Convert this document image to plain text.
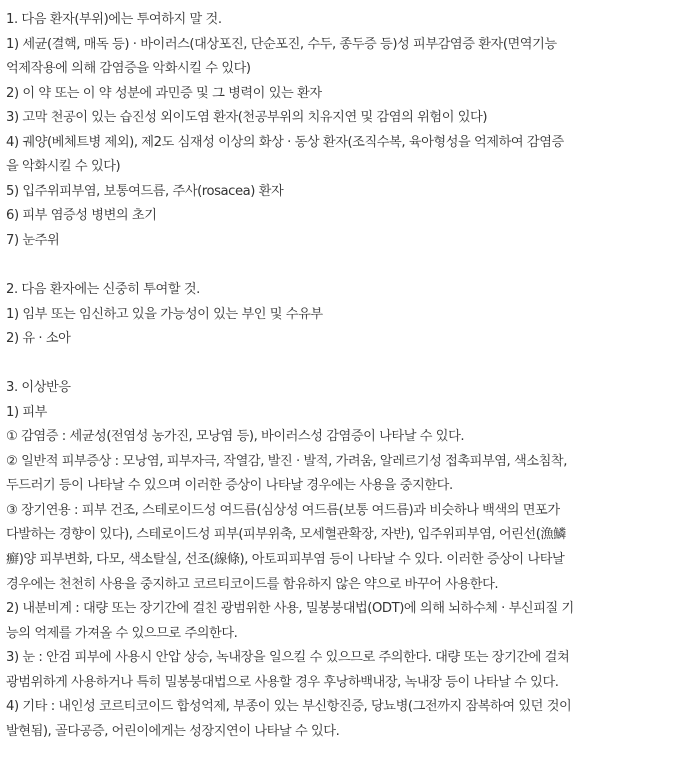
1. 다음 환자(부위)에는 투여하지 말 것.
1) 세균(결핵, 매독 등) · 바이러스(대상포진, 단순포진, 수두, 종두증 등)성 피부감염증 환자(면역기능
억제작용에 의해 감염증을 악화시킬 수 있다)
2) 이 약 또는 이 약 성분에 과민증 및 그 병력이 있는 환자
3) 고막 천공이 있는 습진성 외이도염 환자(천공부위의 치유지연 및 감염의 위험이 있다)
4) 궤양(베체트병 제외), 제2도 심재성 이상의 화상 · 동상 환자(조직수복, 육아형성을 억제하여 감염증
을 악화시킬 수 있다)
5) 입주위피부염, 보통여드름, 주사(rosacea) 환자
6) 피부 염증성 병변의 초기
7) 눈주위
2. 다음 환자에는 신중히 투여할 것.
1) 임부 또는 임신하고 있을 가능성이 있는 부인 및 수유부
2) 유 · 소아
3. 이상반응
1) 피부
① 감염증 : 세균성(전염성 농가진, 모낭염 등), 바이러스성 감염증이 나타날 수 있다.
② 일반적 피부증상 : 모낭염, 피부자극, 작열감, 발진 · 발적, 가려움, 알레르기성 접촉피부염, 색소침착,
두드러기 등이 나타날 수 있으며 이러한 증상이 나타날 경우에는 사용을 중지한다.
③ 장기연용 : 피부 건조, 스테로이드성 여드름(심상성 여드름(보통 여드름)과 비슷하나 백색의 면포가
다발하는 경향이 있다), 스테로이드성 피부(피부위축, 모세혈관확장, 자반), 입주위피부염, 어린선(漁鱗
癬)양 피부변화, 다모, 색소탈실, 선조(線條), 아토피피부염 등이 나타날 수 있다. 이러한 증상이 나타날
경우에는 천천히 사용을 중지하고 코르티코이드를 함유하지 않은 약으로 바꾸어 사용한다.
2) 내분비계 : 대량 또는 장기간에 걸친 광범위한 사용, 밀봉붕대법(ODT)에 의해 뇌하수체 · 부신피질 기
능의 억제를 가져올 수 있으므로 주의한다.
3) 눈 : 안검 피부에 사용시 안압 상승, 녹내장을 일으킬 수 있으므로 주의한다. 대량 또는 장기간에 걸쳐
광범위하게 사용하거나 특히 밀봉붕대법으로 사용할 경우 후낭하백내장, 녹내장 등이 나타날 수 있다.
4) 기타 : 내인성 코르티코이드 합성억제, 부종이 있는 부신항진증, 당뇨병(그전까지 잠복하여 있던 것이
발현됨), 골다공증, 어린이에게는 성장지연이 나타날 수 있다.
